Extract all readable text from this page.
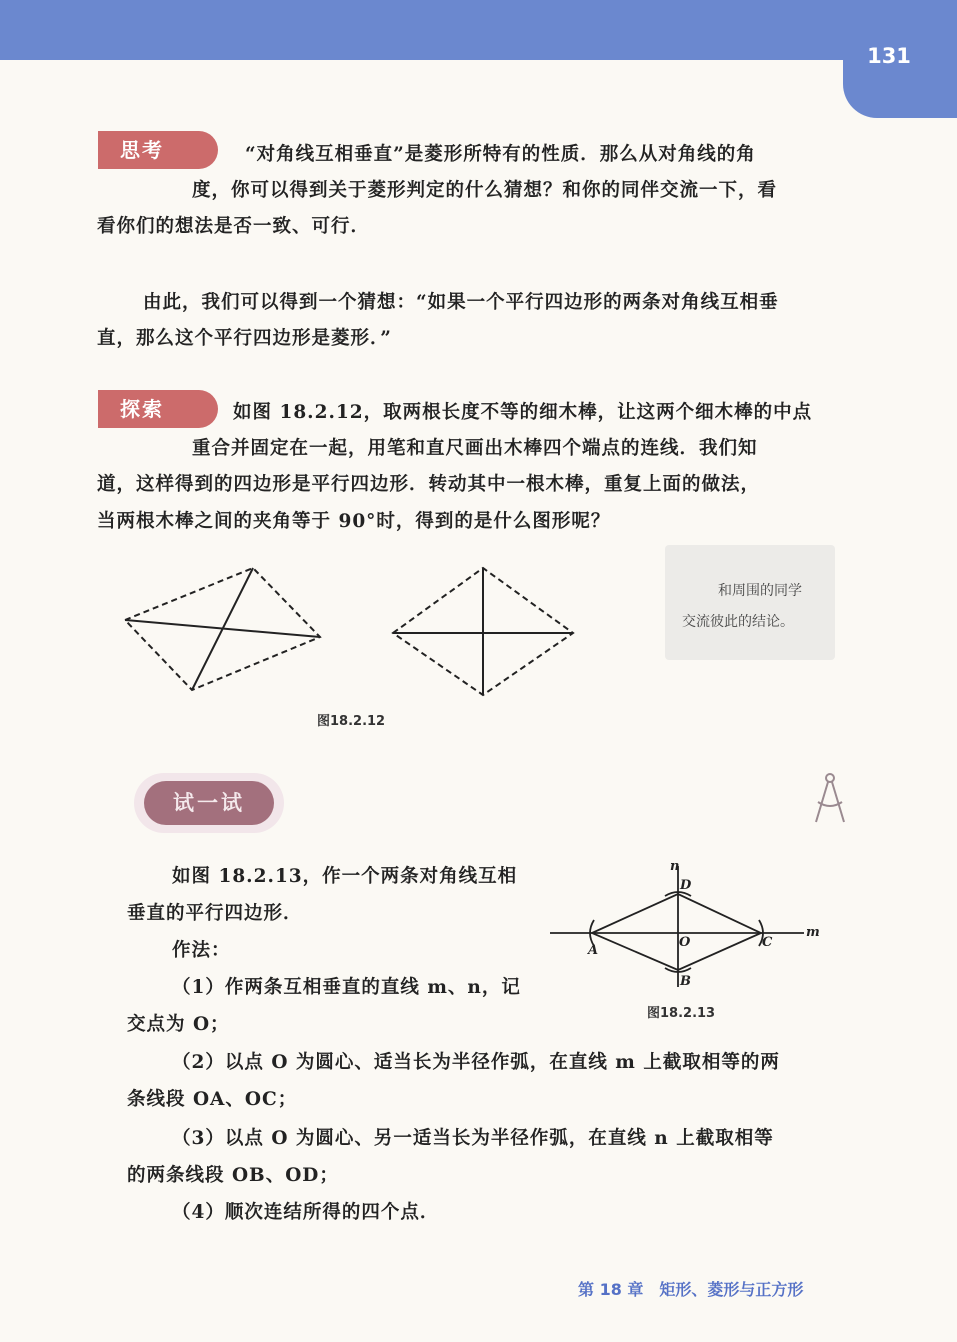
131
思考	“对角线互相垂直”是菱形所特有的性质．那么从对角线的角
度，你可以得到关于菱形判定的什么猜想？和你的同伴交流一下，看
看你们的想法是否一致、可行．
由此，我们可以得到一个猜想：“如果一个平行四边形的两条对角线互相垂
直，那么这个平行四边形是菱形．”
探索	如图 18.2.12，取两根长度不等的细木棒，让这两个细木棒的中点
重合并固定在一起，用笔和直尺画出木棒四个端点的连线．我们知
道，这样得到的四边形是平行四边形．转动其中一根木棒，重复上面的做法，
当两根木棒之间的夹角等于 90°时，得到的是什么图形呢？
图18.2.12
和周围的同学
交流彼此的结论。
试一试
如图 18.2.13，作一个两条对角线互相
垂直的平行四边形．
作法：
（1）作两条互相垂直的直线 m、n，记
交点为 O；
（2）以点 O 为圆心、适当长为半径作弧，在直线 m 上截取相等的两
条线段 OA、OC；
（3）以点 O 为圆心、另一适当长为半径作弧，在直线 n 上截取相等
的两条线段 OB、OD；
（4）顺次连结所得的四个点．
n
m
D
A
O	C
B
图18.2.13
第 18 章　矩形、菱形与正方形
